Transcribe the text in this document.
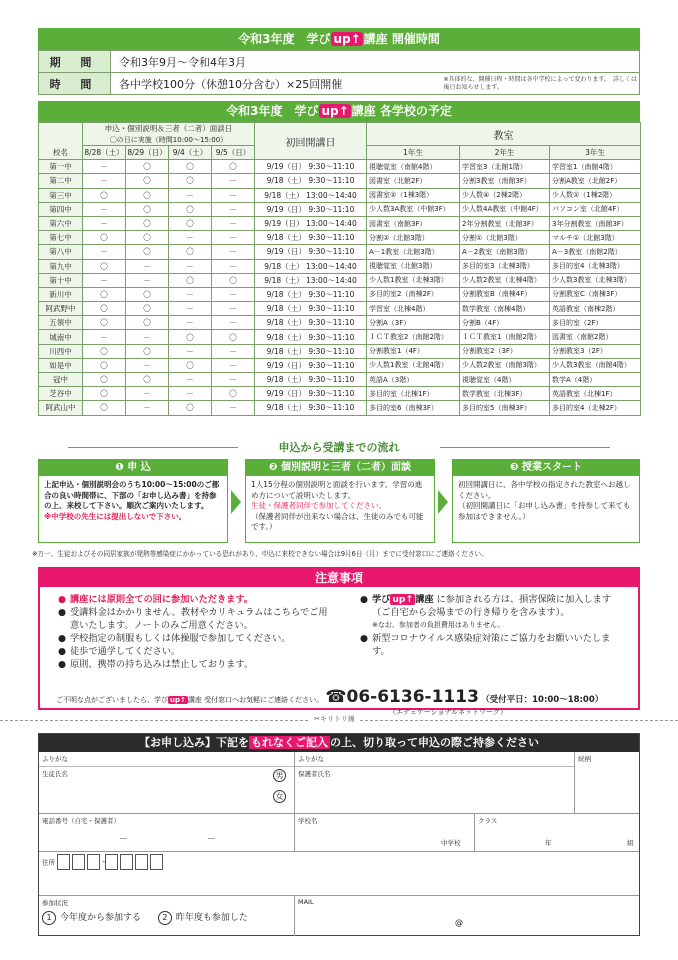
令和3年度　 学び up↑ 講座 開催時間
期 間	令和3年9月～令和4年3月	
時 間	各中学校100分（休憩10分含む）×25回開催	※具体的な、開催日程・時間は各中学校によって変わります。　詳しくは後日お知らせします。
令和3年度　 学び up↑ 講座 各学校の予定
	申込・個別説明＆三者（二者）面談日				初回開講日	教室		
	〇の日に実施（時間10:00～15:00）							
校名	8/28（土）	8/29（日）	9/4（土）	9/5（日）		1年生	2年生	3年生
第一中	－	〇	〇	〇	9/19（日） 9:30～11:10	視聴覚室（南館4階）	学習室3（北館1階）	学習室1（南館4階）
第二中	－	〇	〇	－	9/18（土） 9:30～11:10	図書室（北館2F）	分割3教室（南館3F）	分割A教室（北館2F）
第三中	〇	〇	－	－	9/18（土） 13:00～14:40	図書室②（1棟3階）	少人数④（2棟2階）	少人数①（1棟2階）
第四中	－	〇	〇	－	9/19（日） 9:30～11:10	少人数3A教室（中館3F）	少人数4A教室（中館4F）	パソコン室（北館4F）
第六中	－	〇	〇	－	9/19（日） 13:00～14:40	図書室（南館3F）	2年分割教室（北館3F）	3年分割教室（南館3F）
第七中	〇	〇	－	－	9/18（土） 9:30～11:10	分割②（北館3階）	分割①（北館3階）	マルチ①（北館3階）
第八中	－	〇	〇	－	9/19（日） 9:30～11:10	A－1教室（北館3階）	A－2教室（南館3階）	A－3教室（南館2階）
第九中	〇	－	－	－	9/18（土） 13:00～14:40	視聴覚室（北館3階）	多目的室3（北棟3階）	多目的室4（北棟3階）
第十中	－	－	〇	〇	9/18（土） 13:00～14:40	少人数1教室（北棟3階）	少人数2教室（北棟4階）	少人数3教室（北棟3階）
新川中	〇	〇	－	－	9/18（土） 9:30～11:10	多目的室2（南棟2F）	分割教室B（南棟4F）	分割教室C（南棟3F）
阿武野中	〇	〇	－	－	9/18（土） 9:30～11:10	学習室（北棟4階）	数学教室（南棟4階）	英語教室（南棟2階）
五領中	〇	〇	－	－	9/18（土） 9:30～11:10	分割A（3F）	分割B（4F）	多目的室（2F）
城南中	－	－	〇	〇	9/18（土） 9:30～11:10	ＩＣＴ教室2（南館2階）	ＩＣＴ教室1（南館2階）	図書室（南館2階）
川西中	〇	〇	－	－	9/18（土） 9:30～11:10	分割教室1（4F）	分割教室2（3F）	分割教室3（2F）
如是中	〇	－	〇	－	9/19（日） 9:30～11:10	少人数1教室（北館4階）	少人数2教室（南館3階）	少人数3教室（南館4階）
冠中	〇	〇	－	－	9/18（土） 9:30～11:10	英語A（3階）	視聴覚室（4階）	数学A（4階）
芝谷中	〇	－	－	〇	9/19（日） 9:30～11:10	多目的室（北棟1F）	数学教室（北棟3F）	英語教室（北棟1F）
阿武山中	〇	－	〇	－	9/18（土） 9:30～11:10	多目的室6（南棟3F）	多目的室5（南棟3F）	多目的室4（北棟2F）
申込から受講までの流れ
❶ 申 込
上記申込・個別説明会のうち10:00～15:00のご都合の良い時間帯に、下部の「お申し込み書」を持参の上、来校して下さい。順次ご案内いたします。
※中学校の先生には提出しないで下さい。
❷ 個別説明と三者（二者）面談
1人15分程の個別説明と面談を行います。学習の進め方について説明いたします。
生徒・保護者同伴で参加してください。
（保護者同伴が出来ない場合は、生徒のみでも可能です。）
❸ 授業スタート
初回開講日に、各中学校の指定された教室へお越しください。
（初回開講日に「お申し込み書」を持参して来ても参加はできません。）
※万一、生徒およびその同居家族が発熱等感染症にかかっている恐れがあり、申込に来校できない場合は9月6日（月）までに受付窓口にご連絡ください。
注意事項
● 講座には原則全ての回に参加いただきます。
● 受講料金はかかりません。教材やカリキュラムはこちらでご用意いたします。ノートのみご用意ください。
● 学校指定の制服もしくは体操服で参加してください。
● 徒歩で通学してください。
● 原則、携帯の持ち込みは禁止しております。
● 学び up↑ 講座 に参加される方は、損害保険に加入します（ご自宅から会場までの行き帰りを含みます）。
※なお、参加者の負担費用はありません。
● 新型コロナウイルス感染症対策にご協力をお願いいたします。
ご不明な点がございましたら、学び up↑ 講座 受付窓口へお気軽にご連絡ください。 ☎06-6136-1113 （受付平日：10:00～18:00）
（エデュケーショナルネットワーク）
✂キリトリ線
【お申し込み】下記を もれなくご記入 の上、切り取って申込の際ご持参ください
ふりがな
生徒氏名	男
女
ふりがな
保護者氏名
続柄
電話番号（自宅・保護者）
－	－
学校名
中学校
クラス
年	組
住所	-
参加状況
1 今年度から参加する	2 昨年度も参加した
MAIL
@
